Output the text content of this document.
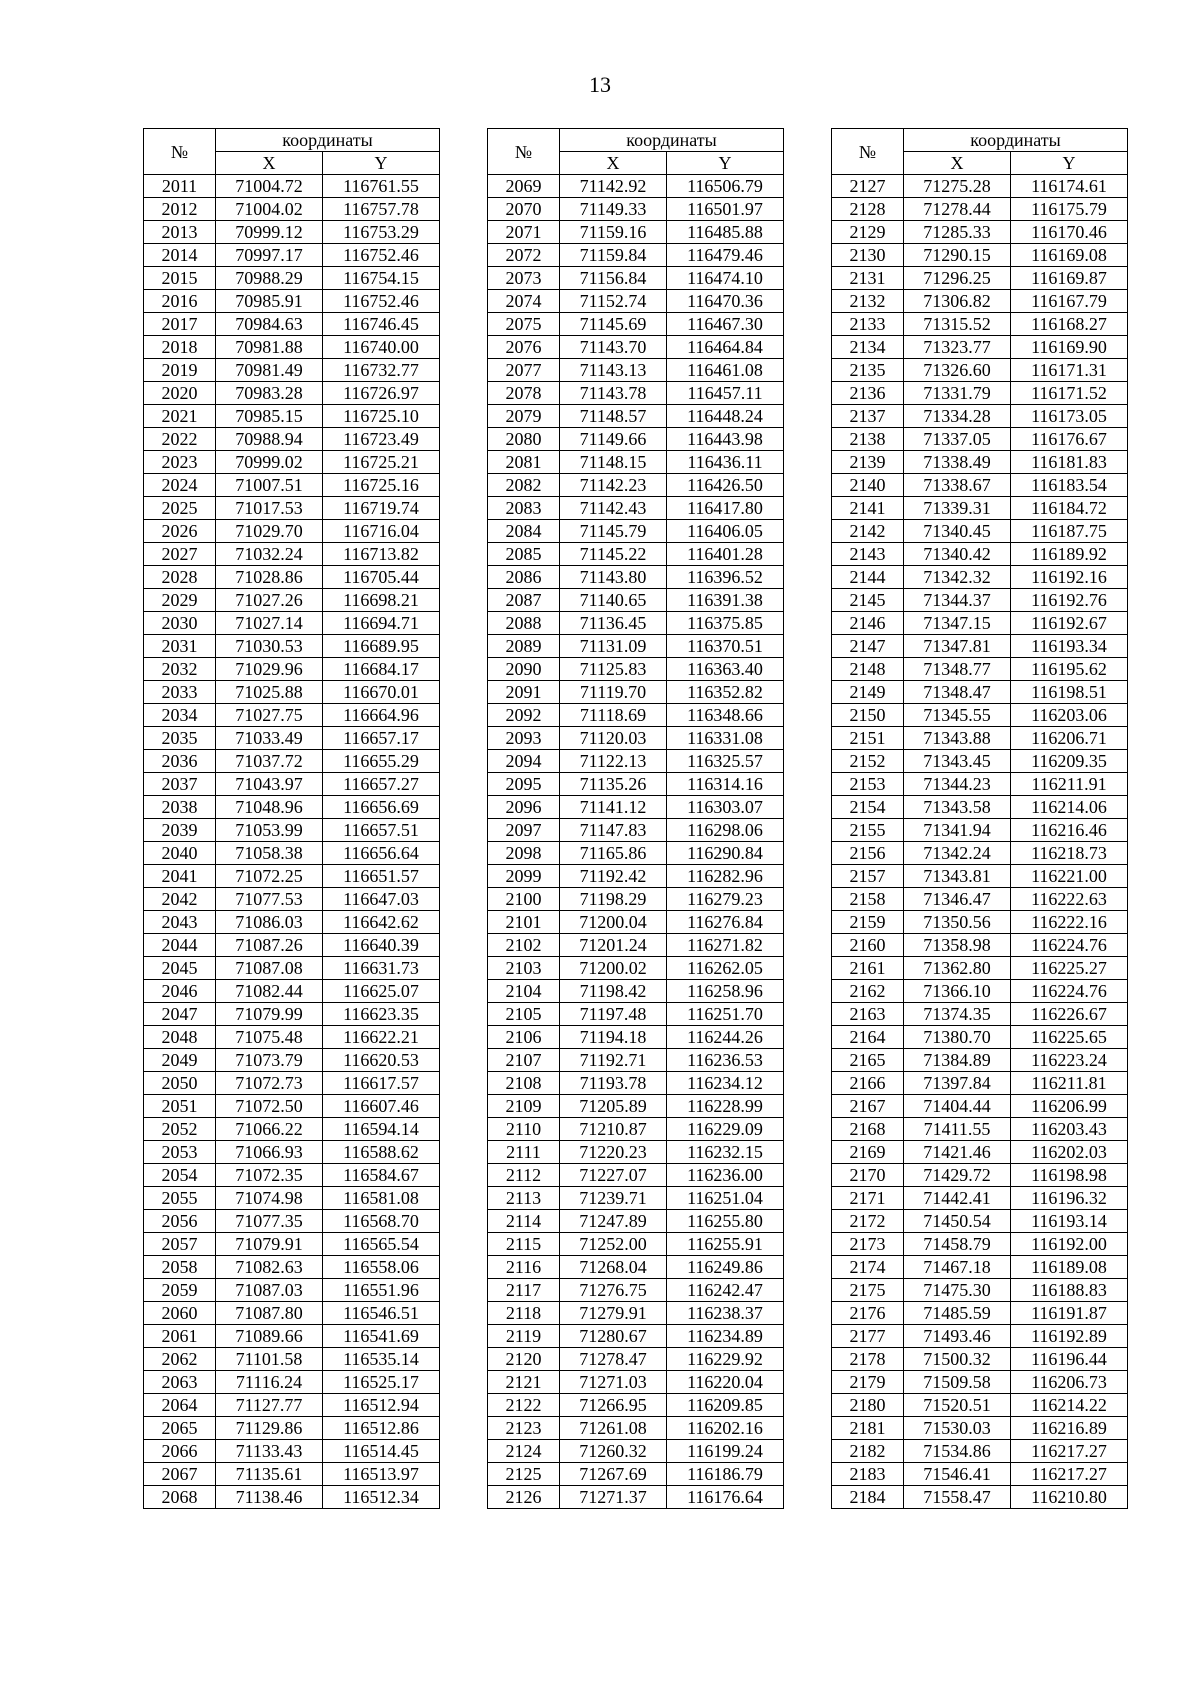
13
№	координаты	
	X	Y
2011	71004.72	116761.55
2012	71004.02	116757.78
2013	70999.12	116753.29
2014	70997.17	116752.46
2015	70988.29	116754.15
2016	70985.91	116752.46
2017	70984.63	116746.45
2018	70981.88	116740.00
2019	70981.49	116732.77
2020	70983.28	116726.97
2021	70985.15	116725.10
2022	70988.94	116723.49
2023	70999.02	116725.21
2024	71007.51	116725.16
2025	71017.53	116719.74
2026	71029.70	116716.04
2027	71032.24	116713.82
2028	71028.86	116705.44
2029	71027.26	116698.21
2030	71027.14	116694.71
2031	71030.53	116689.95
2032	71029.96	116684.17
2033	71025.88	116670.01
2034	71027.75	116664.96
2035	71033.49	116657.17
2036	71037.72	116655.29
2037	71043.97	116657.27
2038	71048.96	116656.69
2039	71053.99	116657.51
2040	71058.38	116656.64
2041	71072.25	116651.57
2042	71077.53	116647.03
2043	71086.03	116642.62
2044	71087.26	116640.39
2045	71087.08	116631.73
2046	71082.44	116625.07
2047	71079.99	116623.35
2048	71075.48	116622.21
2049	71073.79	116620.53
2050	71072.73	116617.57
2051	71072.50	116607.46
2052	71066.22	116594.14
2053	71066.93	116588.62
2054	71072.35	116584.67
2055	71074.98	116581.08
2056	71077.35	116568.70
2057	71079.91	116565.54
2058	71082.63	116558.06
2059	71087.03	116551.96
2060	71087.80	116546.51
2061	71089.66	116541.69
2062	71101.58	116535.14
2063	71116.24	116525.17
2064	71127.77	116512.94
2065	71129.86	116512.86
2066	71133.43	116514.45
2067	71135.61	116513.97
2068	71138.46	116512.34
№	координаты	
	X	Y
2069	71142.92	116506.79
2070	71149.33	116501.97
2071	71159.16	116485.88
2072	71159.84	116479.46
2073	71156.84	116474.10
2074	71152.74	116470.36
2075	71145.69	116467.30
2076	71143.70	116464.84
2077	71143.13	116461.08
2078	71143.78	116457.11
2079	71148.57	116448.24
2080	71149.66	116443.98
2081	71148.15	116436.11
2082	71142.23	116426.50
2083	71142.43	116417.80
2084	71145.79	116406.05
2085	71145.22	116401.28
2086	71143.80	116396.52
2087	71140.65	116391.38
2088	71136.45	116375.85
2089	71131.09	116370.51
2090	71125.83	116363.40
2091	71119.70	116352.82
2092	71118.69	116348.66
2093	71120.03	116331.08
2094	71122.13	116325.57
2095	71135.26	116314.16
2096	71141.12	116303.07
2097	71147.83	116298.06
2098	71165.86	116290.84
2099	71192.42	116282.96
2100	71198.29	116279.23
2101	71200.04	116276.84
2102	71201.24	116271.82
2103	71200.02	116262.05
2104	71198.42	116258.96
2105	71197.48	116251.70
2106	71194.18	116244.26
2107	71192.71	116236.53
2108	71193.78	116234.12
2109	71205.89	116228.99
2110	71210.87	116229.09
2111	71220.23	116232.15
2112	71227.07	116236.00
2113	71239.71	116251.04
2114	71247.89	116255.80
2115	71252.00	116255.91
2116	71268.04	116249.86
2117	71276.75	116242.47
2118	71279.91	116238.37
2119	71280.67	116234.89
2120	71278.47	116229.92
2121	71271.03	116220.04
2122	71266.95	116209.85
2123	71261.08	116202.16
2124	71260.32	116199.24
2125	71267.69	116186.79
2126	71271.37	116176.64
№	координаты	
	X	Y
2127	71275.28	116174.61
2128	71278.44	116175.79
2129	71285.33	116170.46
2130	71290.15	116169.08
2131	71296.25	116169.87
2132	71306.82	116167.79
2133	71315.52	116168.27
2134	71323.77	116169.90
2135	71326.60	116171.31
2136	71331.79	116171.52
2137	71334.28	116173.05
2138	71337.05	116176.67
2139	71338.49	116181.83
2140	71338.67	116183.54
2141	71339.31	116184.72
2142	71340.45	116187.75
2143	71340.42	116189.92
2144	71342.32	116192.16
2145	71344.37	116192.76
2146	71347.15	116192.67
2147	71347.81	116193.34
2148	71348.77	116195.62
2149	71348.47	116198.51
2150	71345.55	116203.06
2151	71343.88	116206.71
2152	71343.45	116209.35
2153	71344.23	116211.91
2154	71343.58	116214.06
2155	71341.94	116216.46
2156	71342.24	116218.73
2157	71343.81	116221.00
2158	71346.47	116222.63
2159	71350.56	116222.16
2160	71358.98	116224.76
2161	71362.80	116225.27
2162	71366.10	116224.76
2163	71374.35	116226.67
2164	71380.70	116225.65
2165	71384.89	116223.24
2166	71397.84	116211.81
2167	71404.44	116206.99
2168	71411.55	116203.43
2169	71421.46	116202.03
2170	71429.72	116198.98
2171	71442.41	116196.32
2172	71450.54	116193.14
2173	71458.79	116192.00
2174	71467.18	116189.08
2175	71475.30	116188.83
2176	71485.59	116191.87
2177	71493.46	116192.89
2178	71500.32	116196.44
2179	71509.58	116206.73
2180	71520.51	116214.22
2181	71530.03	116216.89
2182	71534.86	116217.27
2183	71546.41	116217.27
2184	71558.47	116210.80
